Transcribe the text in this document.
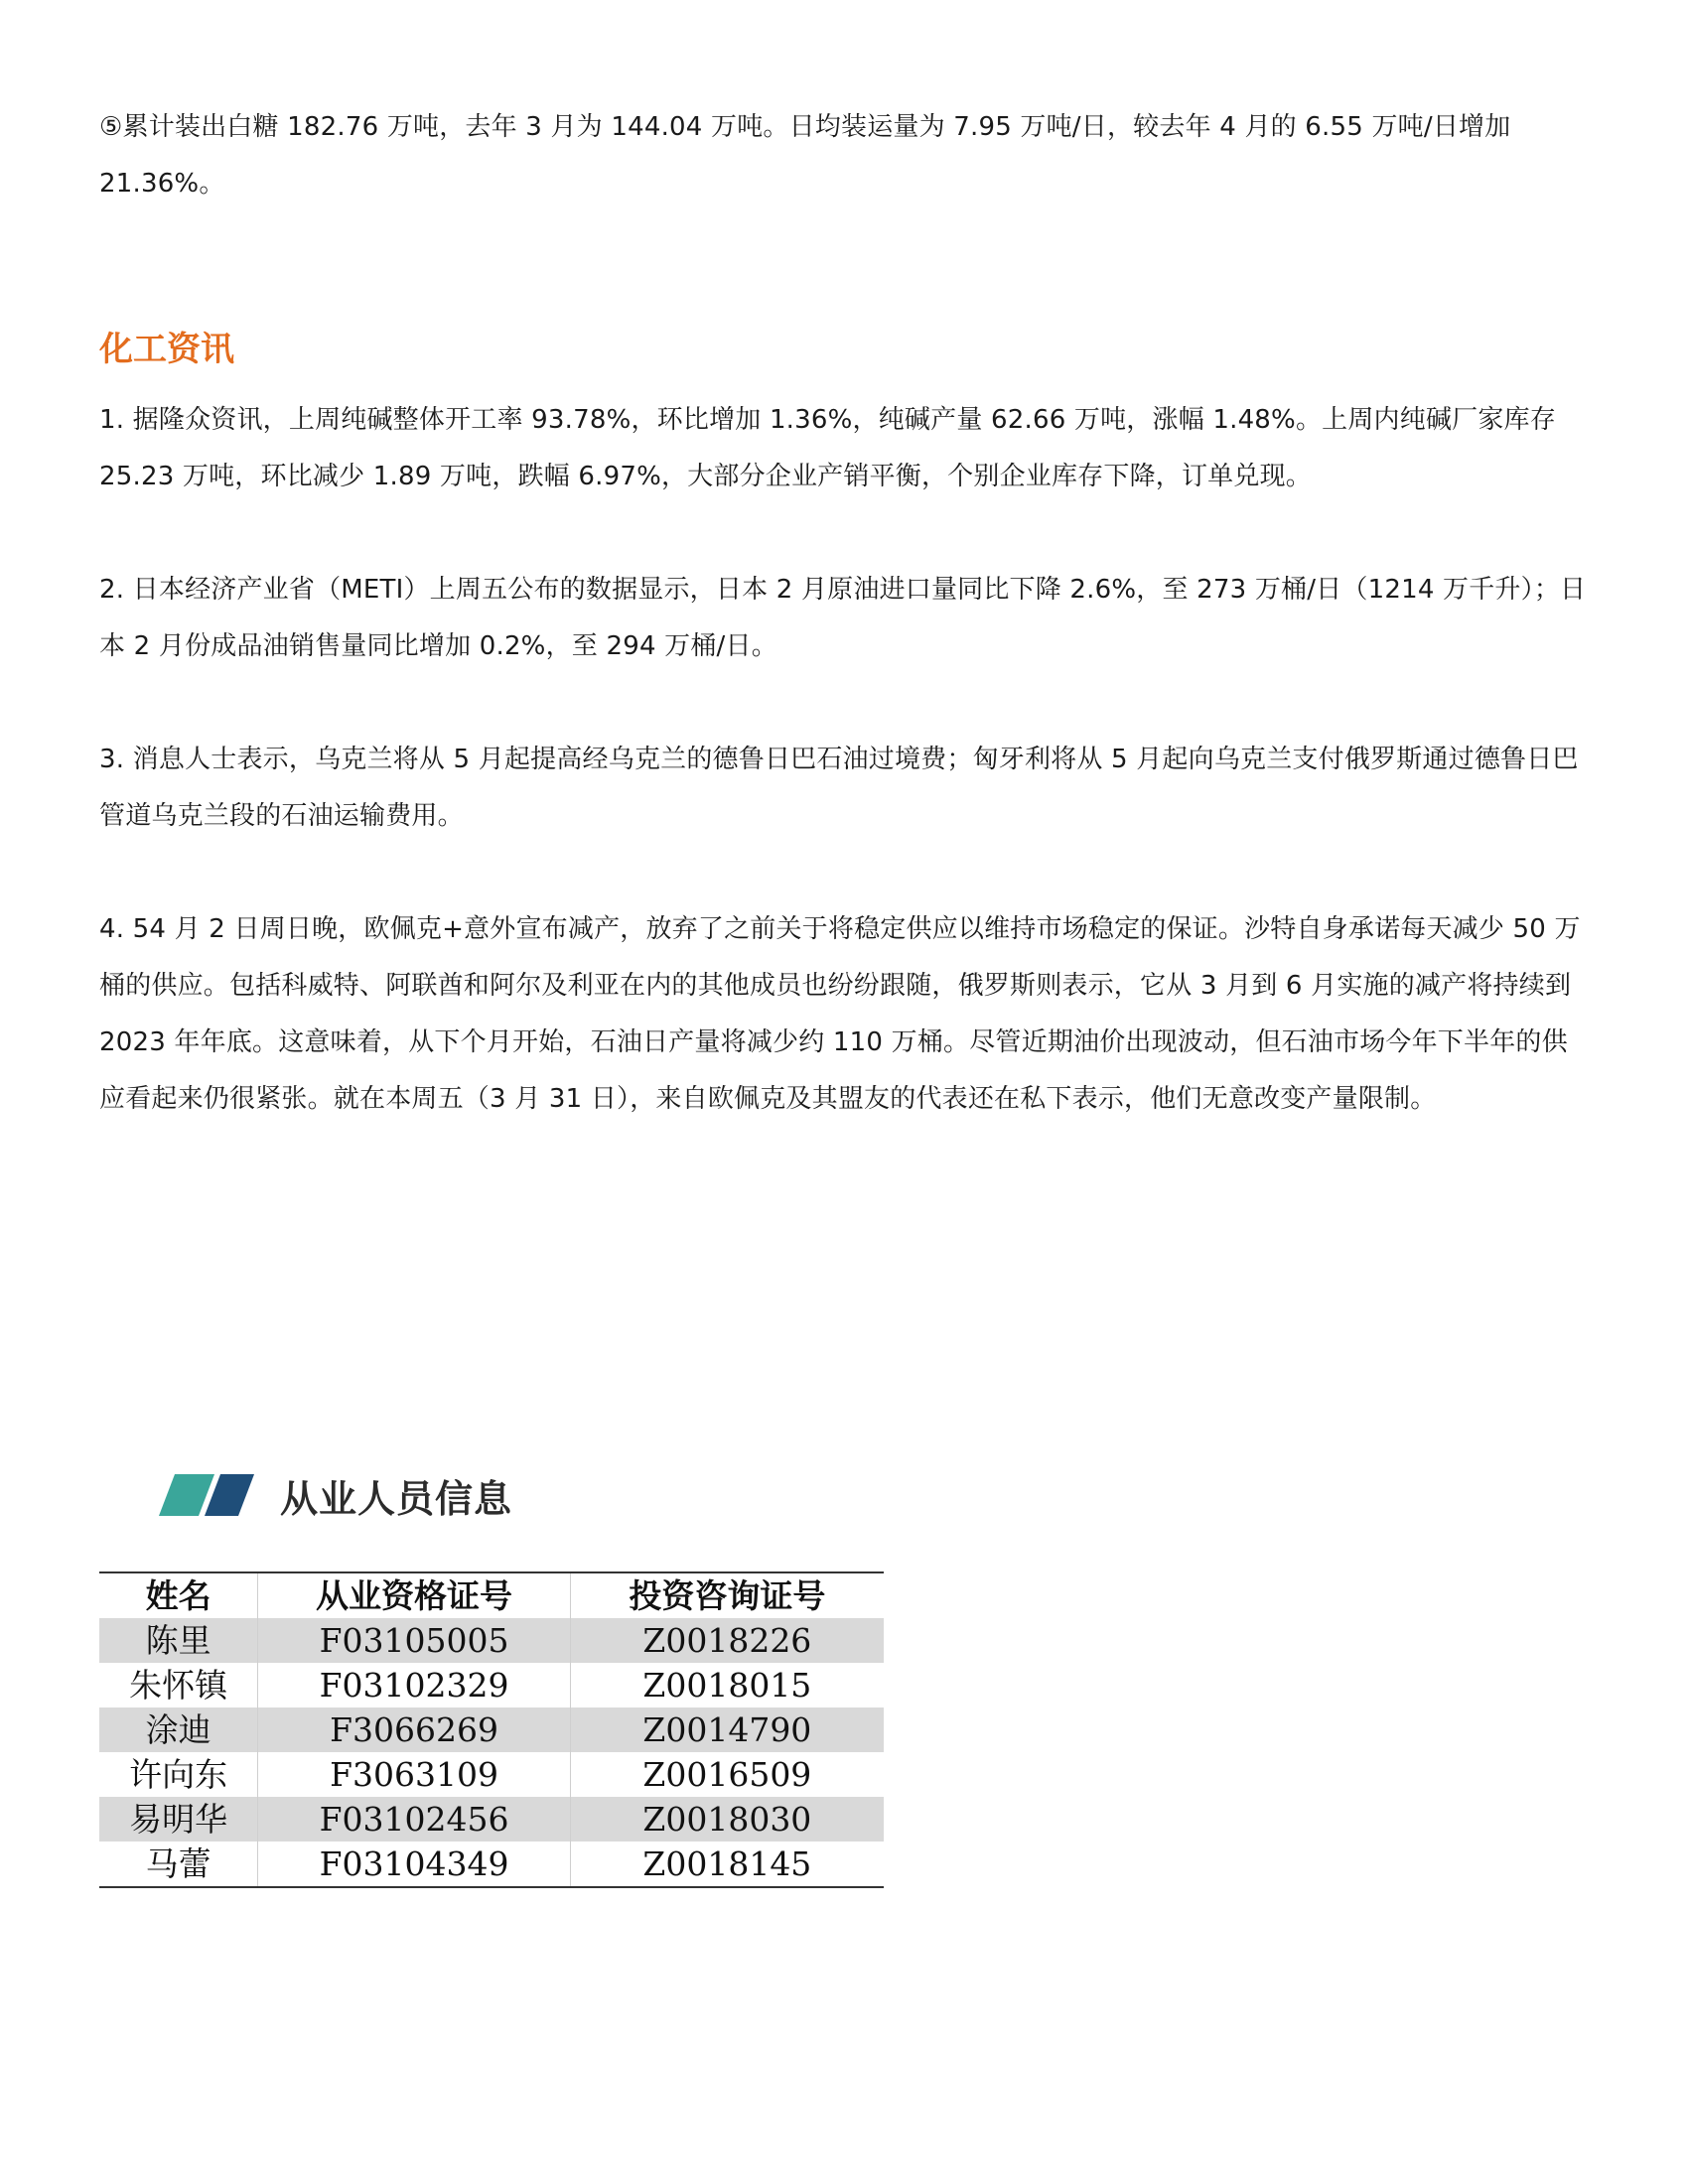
⑤累计装出白糖 182.76 万吨，去年 3 月为 144.04 万吨。日均装运量为 7.95 万吨/日，较去年 4 月的 6.55 万吨/日增加 21.36%。

化工资讯

1. 据隆众资讯，上周纯碱整体开工率 93.78%，环比增加 1.36%，纯碱产量 62.66 万吨，涨幅 1.48%。上周内纯碱厂家库存 25.23 万吨，环比减少 1.89 万吨，跌幅 6.97%，大部分企业产销平衡，个别企业库存下降，订单兑现。

2. 日本经济产业省（METI）上周五公布的数据显示，日本 2 月原油进口量同比下降 2.6%，至 273 万桶/日（1214 万千升）；日本 2 月份成品油销售量同比增加 0.2%，至 294 万桶/日。

3. 消息人士表示，乌克兰将从 5 月起提高经乌克兰的德鲁日巴石油过境费；匈牙利将从 5 月起向乌克兰支付俄罗斯通过德鲁日巴管道乌克兰段的石油运输费用。

4. 54 月 2 日周日晚，欧佩克+意外宣布减产，放弃了之前关于将稳定供应以维持市场稳定的保证。沙特自身承诺每天减少 50 万桶的供应。包括科威特、阿联酋和阿尔及利亚在内的其他成员也纷纷跟随，俄罗斯则表示，它从 3 月到 6 月实施的减产将持续到 2023 年年底。这意味着，从下个月开始，石油日产量将减少约 110 万桶。尽管近期油价出现波动，但石油市场今年下半年的供应看起来仍很紧张。就在本周五（3 月 31 日），来自欧佩克及其盟友的代表还在私下表示，他们无意改变产量限制。

从业人员信息
姓名	从业资格证号	投资咨询证号
陈里	F03105005	Z0018226
朱怀镇	F03102329	Z0018015
涂迪	F3066269	Z0014790
许向东	F3063109	Z0016509
易明华	F03102456	Z0018030
马蕾	F03104349	Z0018145
